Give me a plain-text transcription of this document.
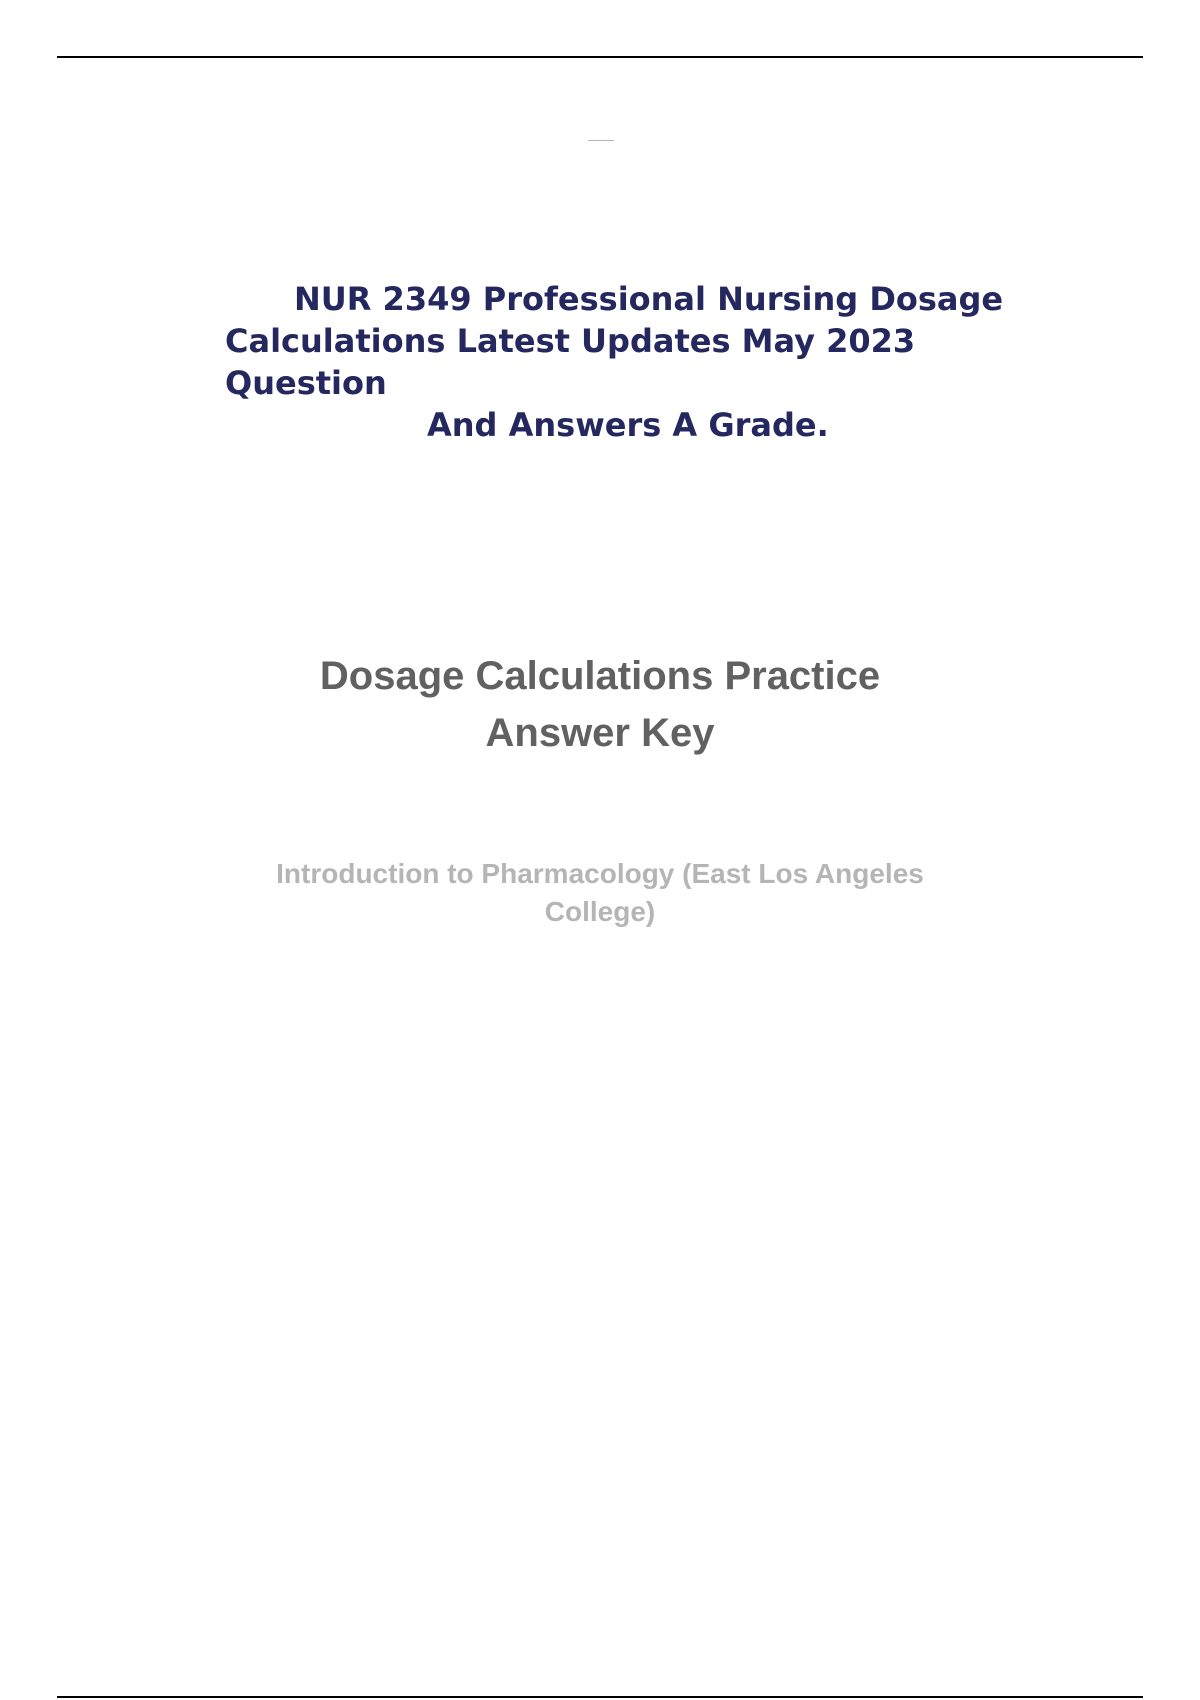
NUR 2349 Professional Nursing Dosage
Calculations Latest Updates May 2023
Question
And Answers A Grade.
Dosage Calculations Practice
Answer Key

Introduction to Pharmacology (East Los Angeles
College)
